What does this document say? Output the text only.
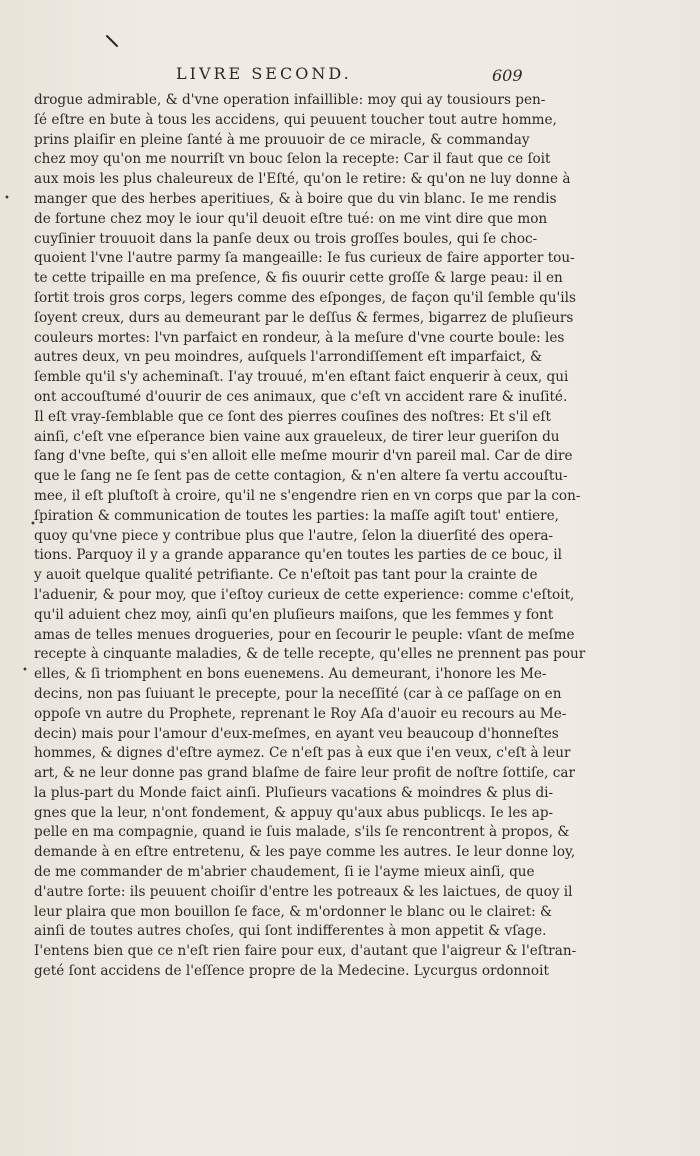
LIVRE SECOND.	609
•
•
•
drogue admirable, & d'vne operation infaillible: moy qui ay tousiours pen-
ſé eſtre en bute à tous les accidens, qui peuuent toucher tout autre homme,
prins plaiſir en pleine ſanté à me prouuoir de ce miracle, & commanday
chez moy qu'on me nourriſt vn bouc ſelon la recepte: Car il faut que ce ſoit
aux mois les plus chaleureux de l'Eſté, qu'on le retire: & qu'on ne luy donne à
manger que des herbes aperitiues, & à boire que du vin blanc. Ie me rendis
de fortune chez moy le iour qu'il deuoit eſtre tué: on me vint dire que mon
cuyſinier trouuoit dans la panſe deux ou trois groſſes boules, qui ſe choc-
quoient l'vne l'autre parmy ſa mangeaille: Ie fus curieux de faire apporter tou-
te cette tripaille en ma preſence, & fis ouurir cette groſſe & large peau: il en
ſortit trois gros corps, legers comme des eſponges, de façon qu'il ſemble qu'ils
ſoyent creux, durs au demeurant par le deſſus & fermes, bigarrez de pluſieurs
couleurs mortes: l'vn parfaict en rondeur, à la meſure d'vne courte boule: les
autres deux, vn peu moindres, auſquels l'arrondiſſement eſt imparfaict, &
ſemble qu'il s'y acheminaſt. I'ay trouué, m'en eſtant faict enquerir à ceux, qui
ont accouſtumé d'ouurir de ces animaux, que c'eſt vn accident rare & inuſité.
Il eſt vray-ſemblable que ce ſont des pierres couſines des noſtres: Et s'il eſt
ainſi, c'eſt vne eſperance bien vaine aux graueleux, de tirer leur gueriſon du
ſang d'vne beſte, qui s'en alloit elle meſme mourir d'vn pareil mal. Car de dire
que le ſang ne ſe ſent pas de cette contagion, & n'en altere ſa vertu accouſtu-
mee, il eſt pluſtoſt à croire, qu'il ne s'engendre rien en vn corps que par la con-
ſpiration & communication de toutes les parties: la maſſe agiſt tout' entiere,
quoy qu'vne piece y contribue plus que l'autre, ſelon la diuerſité des opera-
tions. Parquoy il y a grande apparance qu'en toutes les parties de ce bouc, il
y auoit quelque qualité petrifiante. Ce n'eſtoit pas tant pour la crainte de
l'aduenir, & pour moy, que i'eſtoy curieux de cette experience: comme c'eſtoit,
qu'il aduient chez moy, ainſi qu'en pluſieurs maiſons, que les femmes y font
amas de telles menues drogueries, pour en ſecourir le peuple: vſant de meſme
recepte à cinquante maladies, & de telle recepte, qu'elles ne prennent pas pour
elles, & ſi triomphent en bons eueneмens. Au demeurant, i'honore les Me-
decins, non pas ſuiuant le precepte, pour la neceſſité (car à ce paſſage on en
oppoſe vn autre du Prophete, reprenant le Roy Aſa d'auoir eu recours au Me-
decin) mais pour l'amour d'eux-meſmes, en ayant veu beaucoup d'honneſtes
hommes, & dignes d'eſtre aymez. Ce n'eſt pas à eux que i'en veux, c'eſt à leur
art, & ne leur donne pas grand blaſme de faire leur profit de noſtre ſottiſe, car
la plus-part du Monde faict ainſi. Pluſieurs vacations & moindres & plus di-
gnes que la leur, n'ont fondement, & appuy qu'aux abus publicqs. Ie les ap-
pelle en ma compagnie, quand ie ſuis malade, s'ils ſe rencontrent à propos, &
demande à en eſtre entretenu, & les paye comme les autres. Ie leur donne loy,
de me commander de m'abrier chaudement, ſi ie l'ayme mieux ainſi, que
d'autre ſorte: ils peuuent choiſir d'entre les potreaux & les laictues, de quoy il
leur plaira que mon bouillon ſe face, & m'ordonner le blanc ou le clairet: &
ainſi de toutes autres choſes, qui ſont indifferentes à mon appetit & vſage.
I'entens bien que ce n'eſt rien faire pour eux, d'autant que l'aigreur & l'eſtran-
geté ſont accidens de l'eſſence propre de la Medecine. Lycurgus ordonnoit
